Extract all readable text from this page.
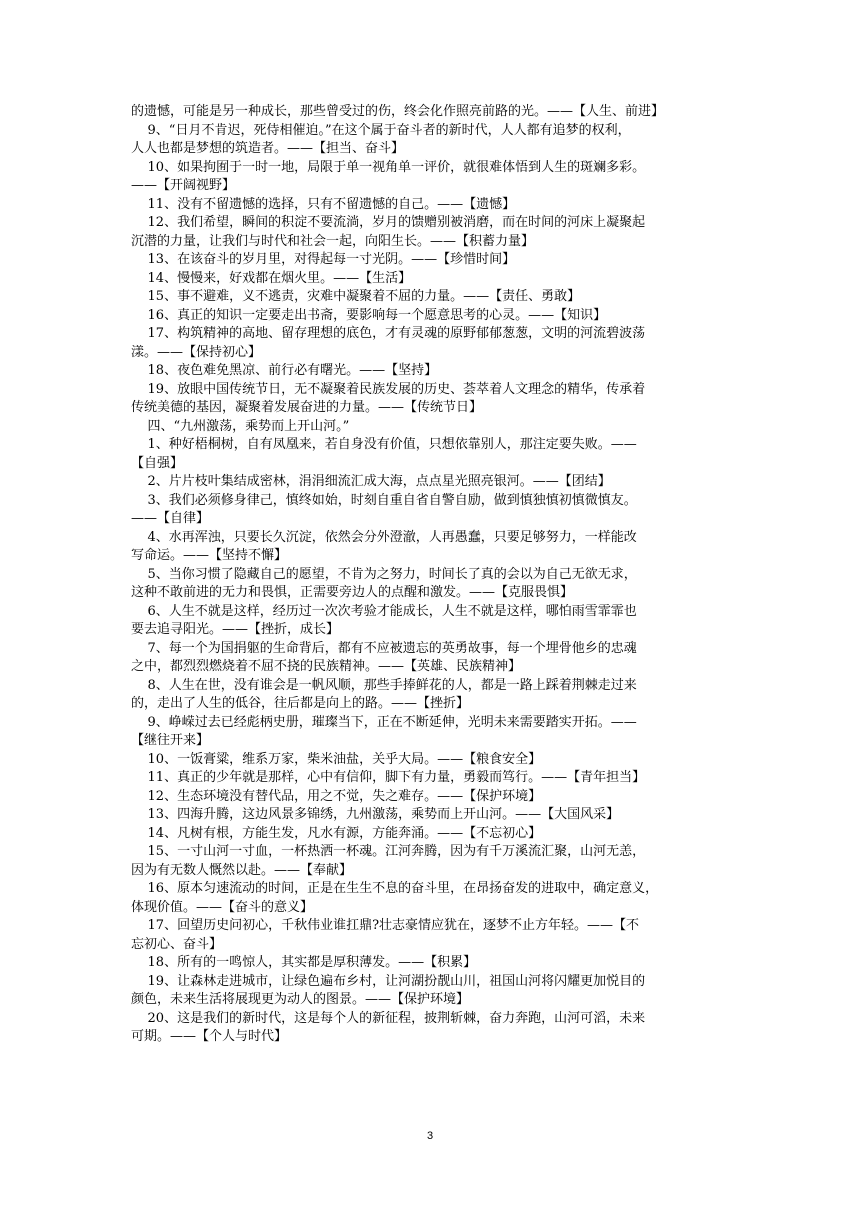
的遗憾，可能是另一种成长，那些曾受过的伤，终会化作照亮前路的光。——【人生、前进】
9、“日月不肯迟，死侍相催迫。”在这个属于奋斗者的新时代，人人都有追梦的权利，
人人也都是梦想的筑造者。——【担当、奋斗】
10、如果拘囿于一时一地，局限于单一视角单一评价，就很难体悟到人生的斑斓多彩。
——【开阔视野】
11、没有不留遗憾的选择，只有不留遗憾的自己。——【遗憾】
12、我们希望，瞬间的积淀不要流淌，岁月的馈赠别被消磨，而在时间的河床上凝聚起
沉潜的力量，让我们与时代和社会一起，向阳生长。——【积蓄力量】
13、在该奋斗的岁月里，对得起每一寸光阴。——【珍惜时间】
14、慢慢来，好戏都在烟火里。——【生活】
15、事不避难，义不逃责，灾难中凝聚着不屈的力量。——【责任、勇敢】
16、真正的知识一定要走出书斋，要影响每一个愿意思考的心灵。——【知识】
17、构筑精神的高地、留存理想的底色，才有灵魂的原野郁郁葱葱，文明的河流碧波荡
漾。——【保持初心】
18、夜色难免黑凉、前行必有曙光。——【坚持】
19、放眼中国传统节日，无不凝聚着民族发展的历史、荟萃着人文理念的精华，传承着
传统美德的基因，凝聚着发展奋进的力量。——【传统节日】
四、“九州激荡，乘势而上开山河。”
1、种好梧桐树，自有凤凰来，若自身没有价值，只想依靠别人，那注定要失败。——
【自强】
2、片片枝叶集结成密林，涓涓细流汇成大海，点点星光照亮银河。——【团结】
3、我们必须修身律己，慎终如始，时刻自重自省自警自励，做到慎独慎初慎微慎友。
——【自律】
4、水再浑浊，只要长久沉淀，依然会分外澄澈，人再愚蠢，只要足够努力，一样能改
写命运。——【坚持不懈】
5、当你习惯了隐藏自己的愿望，不肯为之努力，时间长了真的会以为自己无欲无求，
这种不敢前进的无力和畏惧，正需要旁边人的点醒和激发。——【克服畏惧】
6、人生不就是这样，经历过一次次考验才能成长，人生不就是这样，哪怕雨雪霏霏也
要去追寻阳光。——【挫折，成长】
7、每一个为国捐躯的生命背后，都有不应被遗忘的英勇故事，每一个埋骨他乡的忠魂
之中，都烈烈燃烧着不屈不挠的民族精神。——【英雄、民族精神】
8、人生在世，没有谁会是一帆风顺，那些手捧鲜花的人，都是一路上踩着荆棘走过来
的，走出了人生的低谷，往后都是向上的路。——【挫折】
9、峥嵘过去已经彪柄史册，璀璨当下，正在不断延伸，光明未来需要踏实开拓。——
【继往开来】
10、一饭膏粱，维系万家，柴米油盐，关乎大局。——【粮食安全】
11、真正的少年就是那样，心中有信仰，脚下有力量，勇毅而笃行。——【青年担当】
12、生态环境没有替代品，用之不觉，失之难存。——【保护环境】
13、四海升腾，这边风景多锦绣，九州激荡，乘势而上开山河。——【大国风采】
14、凡树有根，方能生发，凡水有源，方能奔涌。——【不忘初心】
15、一寸山河一寸血，一杯热洒一杯魂。江河奔腾，因为有千万溪流汇聚，山河无恙，
因为有无数人慨然以赴。——【奉献】
16、原本匀速流动的时间，正是在生生不息的奋斗里，在昂扬奋发的进取中，确定意义，
体现价值。——【奋斗的意义】
17、回望历史问初心，千秋伟业谁扛鼎?壮志豪情应犹在，逐梦不止方年轻。——【不
忘初心、奋斗】
18、所有的一鸣惊人，其实都是厚积薄发。——【积累】
19、让森林走进城市，让绿色遍布乡村，让河湖扮靓山川，祖国山河将闪耀更加悦目的
颜色，未来生活将展现更为动人的图景。——【保护环境】
20、这是我们的新时代，这是每个人的新征程，披荆斩棘，奋力奔跑，山河可滔，未来
可期。——【个人与时代】
3
